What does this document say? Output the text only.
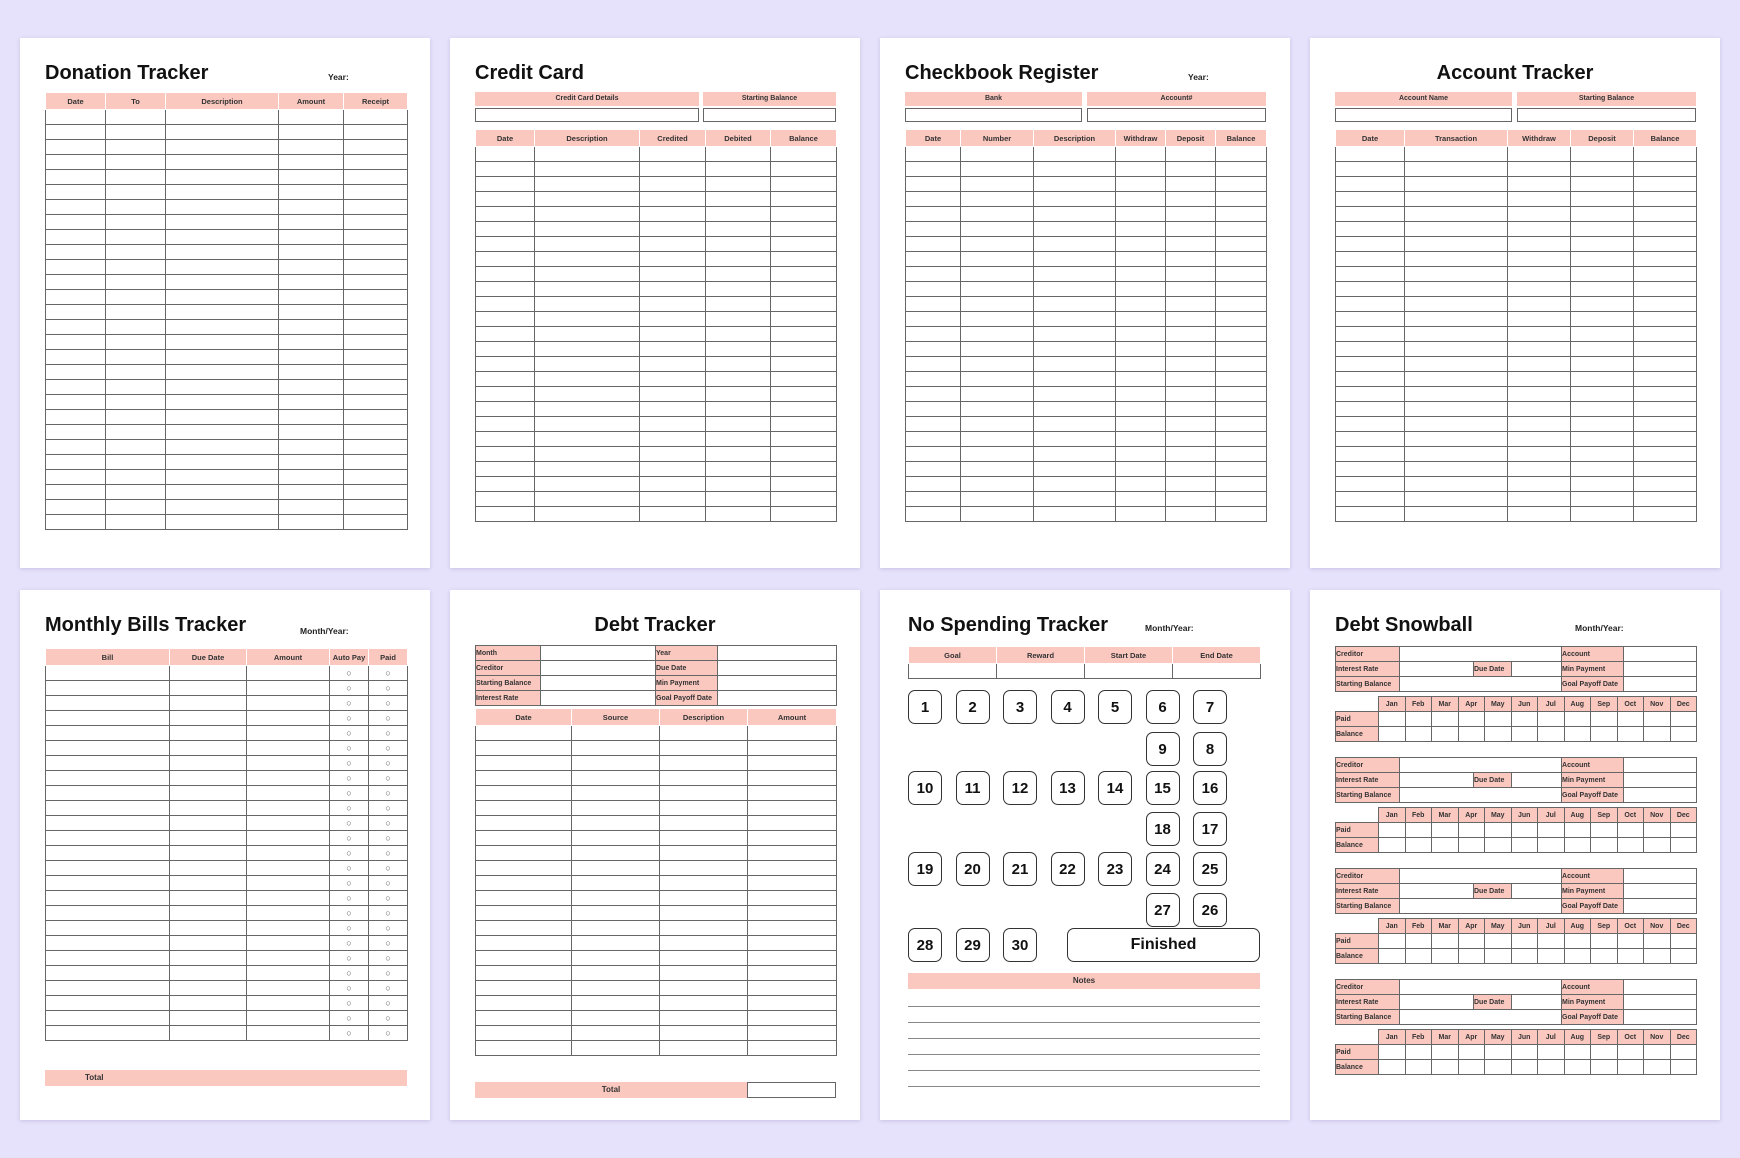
Donation Tracker	Year:
Date	To	Description	Amount	Receipt

Credit Card
Credit Card Details	Starting Balance
Date	Description	Credited	Debited	Balance

Checkbook Register	Year:
Bank	Account#
Date	Number	Description	Withdraw	Deposit	Balance

Account Tracker
Account Name	Starting Balance
Date	Transaction	Withdraw	Deposit	Balance

Monthly Bills Tracker	Month/Year:
Bill	Due Date	Amount	Auto Pay	Paid
			○	○
			○	○
			○	○
			○	○
			○	○
			○	○
			○	○
			○	○
			○	○
			○	○
			○	○
			○	○
			○	○
			○	○
			○	○
			○	○
			○	○
			○	○
			○	○
			○	○
			○	○
			○	○
			○	○
			○	○
			○	○
Total
Debt Tracker
Month		Year	
Creditor		Due Date	
Starting Balance		Min Payment	
Interest Rate		Goal Payoff Date	
Date	Source	Description	Amount

Total
No Spending Tracker	Month/Year:
Goal	Reward	Start Date	End Date

1	2	3	4	5	6	7
9	8
10	11	12	13	14	15	16
18	17
19	20	21	22	23	24	25
27	26
28	29	30	Finished
Notes
Debt Snowball	Month/Year:
Creditor				Account	
Interest Rate		Due Date		Min Payment	
Starting Balance				Goal Payoff Date	
	Jan	Feb	Mar	Apr	May	Jun	Jul	Aug	Sep	Oct	Nov	Dec
Paid												
Balance												
Creditor				Account	
Interest Rate		Due Date		Min Payment	
Starting Balance				Goal Payoff Date	
	Jan	Feb	Mar	Apr	May	Jun	Jul	Aug	Sep	Oct	Nov	Dec
Paid												
Balance												
Creditor				Account	
Interest Rate		Due Date		Min Payment	
Starting Balance				Goal Payoff Date	
	Jan	Feb	Mar	Apr	May	Jun	Jul	Aug	Sep	Oct	Nov	Dec
Paid												
Balance												
Creditor				Account	
Interest Rate		Due Date		Min Payment	
Starting Balance				Goal Payoff Date	
	Jan	Feb	Mar	Apr	May	Jun	Jul	Aug	Sep	Oct	Nov	Dec
Paid												
Balance												
